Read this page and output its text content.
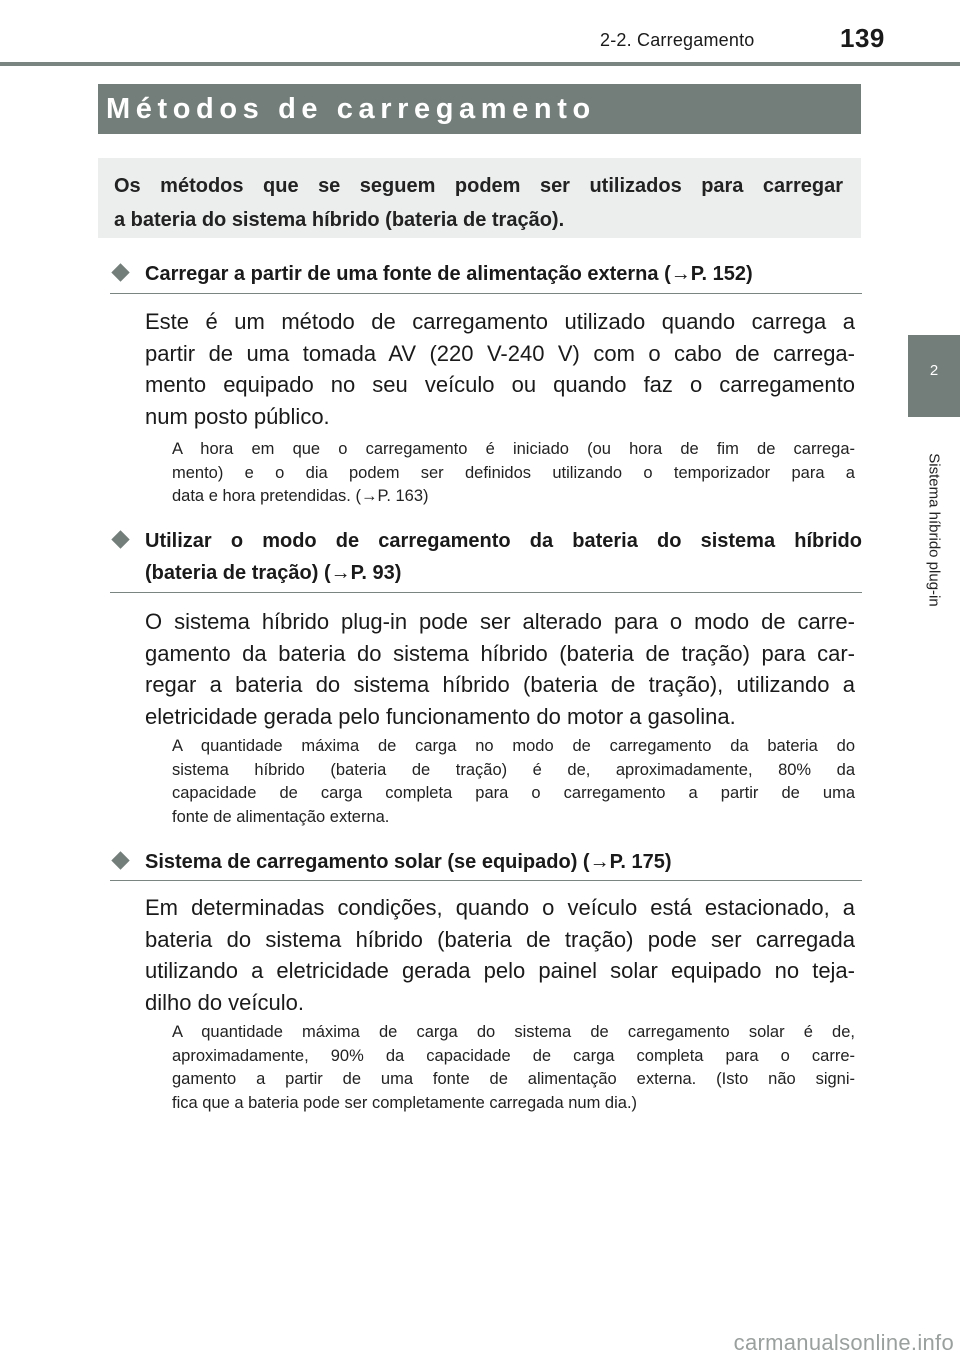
2-2. Carregamento	139
2
Sistema híbrido plug-in
Métodos de carregamento
Os métodos que se seguem podem ser utilizados para carregar
a bateria do sistema híbrido (bateria de tração).
Carregar a partir de uma fonte de alimentação externa (→P. 152)
Este é um método de carregamento utilizado quando carrega a
partir de uma tomada AV (220 V-240 V) com o cabo de carrega-
mento equipado no seu veículo ou quando faz o carregamento
num posto público.
A hora em que o carregamento é iniciado (ou hora de fim de carrega-
mento) e o dia podem ser definidos utilizando o temporizador para a
data e hora pretendidas. (→P. 163)
Utilizar o modo de carregamento da bateria do sistema híbrido
(bateria de tração) (→P. 93)
O sistema híbrido plug-in pode ser alterado para o modo de carre-
gamento da bateria do sistema híbrido (bateria de tração) para car-
regar a bateria do sistema híbrido (bateria de tração), utilizando a
eletricidade gerada pelo funcionamento do motor a gasolina.
A quantidade máxima de carga no modo de carregamento da bateria do
sistema híbrido (bateria de tração) é de, aproximadamente, 80% da
capacidade de carga completa para o carregamento a partir de uma
fonte de alimentação externa.
Sistema de carregamento solar (se equipado) (→P. 175)
Em determinadas condições, quando o veículo está estacionado, a
bateria do sistema híbrido (bateria de tração) pode ser carregada
utilizando a eletricidade gerada pelo painel solar equipado no teja-
dilho do veículo.
A quantidade máxima de carga do sistema de carregamento solar é de,
aproximadamente, 90% da capacidade de carga completa para o carre-
gamento a partir de uma fonte de alimentação externa. (Isto não signi-
fica que a bateria pode ser completamente carregada num dia.)
carmanualsonline.info
